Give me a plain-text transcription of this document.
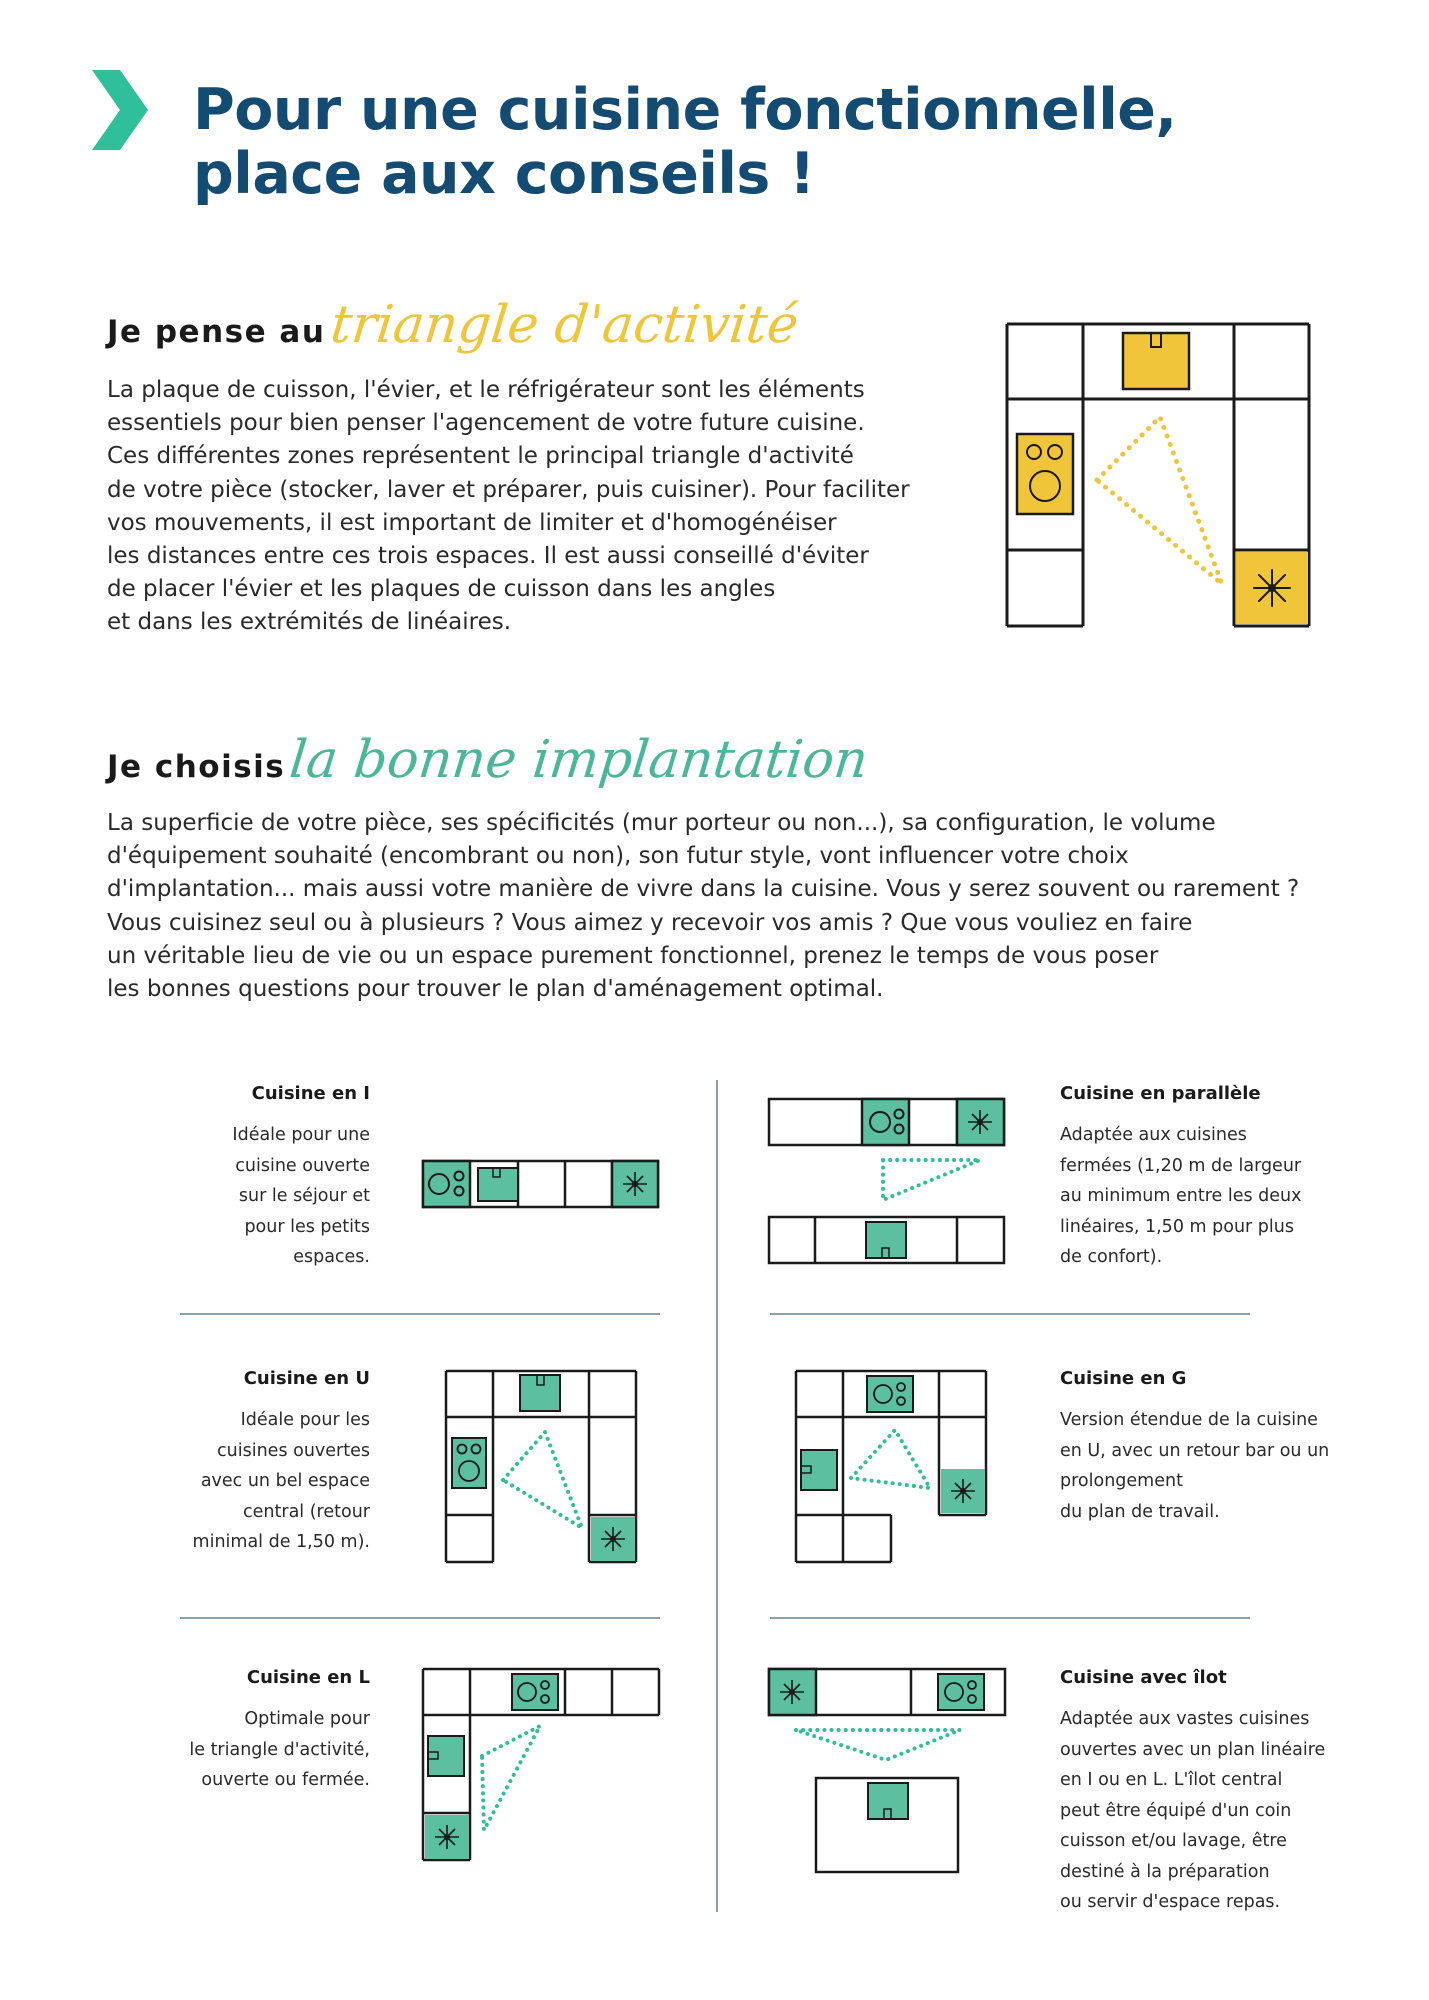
Pour une cuisine fonctionnelle,
place aux conseils !
Je pense au triangle d'activité
La plaque de cuisson, l'évier, et le réfrigérateur sont les éléments
essentiels pour bien penser l'agencement de votre future cuisine.
Ces différentes zones représentent le principal triangle d'activité
de votre pièce (stocker, laver et préparer, puis cuisiner). Pour faciliter
vos mouvements, il est important de limiter et d'homogénéiser
les distances entre ces trois espaces. Il est aussi conseillé d'éviter
de placer l'évier et les plaques de cuisson dans les angles
et dans les extrémités de linéaires.
Je choisis la bonne implantation
La superficie de votre pièce, ses spécificités (mur porteur ou non...), sa configuration, le volume
d'équipement souhaité (encombrant ou non), son futur style, vont influencer votre choix
d'implantation... mais aussi votre manière de vivre dans la cuisine. Vous y serez souvent ou rarement ?
Vous cuisinez seul ou à plusieurs ? Vous aimez y recevoir vos amis ? Que vous vouliez en faire
un véritable lieu de vie ou un espace purement fonctionnel, prenez le temps de vous poser
les bonnes questions pour trouver le plan d'aménagement optimal.
Cuisine en I
Idéale pour une
cuisine ouverte
sur le séjour et
pour les petits
espaces.
Cuisine en parallèle
Adaptée aux cuisines
fermées (1,20 m de largeur
au minimum entre les deux
linéaires, 1,50 m pour plus
de confort).
Cuisine en U
Idéale pour les
cuisines ouvertes
avec un bel espace
central (retour
minimal de 1,50 m).
Cuisine en G
Version étendue de la cuisine
en U, avec un retour bar ou un
prolongement
du plan de travail.
Cuisine en L
Optimale pour
le triangle d'activité,
ouverte ou fermée.
Cuisine avec îlot
Adaptée aux vastes cuisines
ouvertes avec un plan linéaire
en I ou en L. L'îlot central
peut être équipé d'un coin
cuisson et/ou lavage, être
destiné à la préparation
ou servir d'espace repas.
